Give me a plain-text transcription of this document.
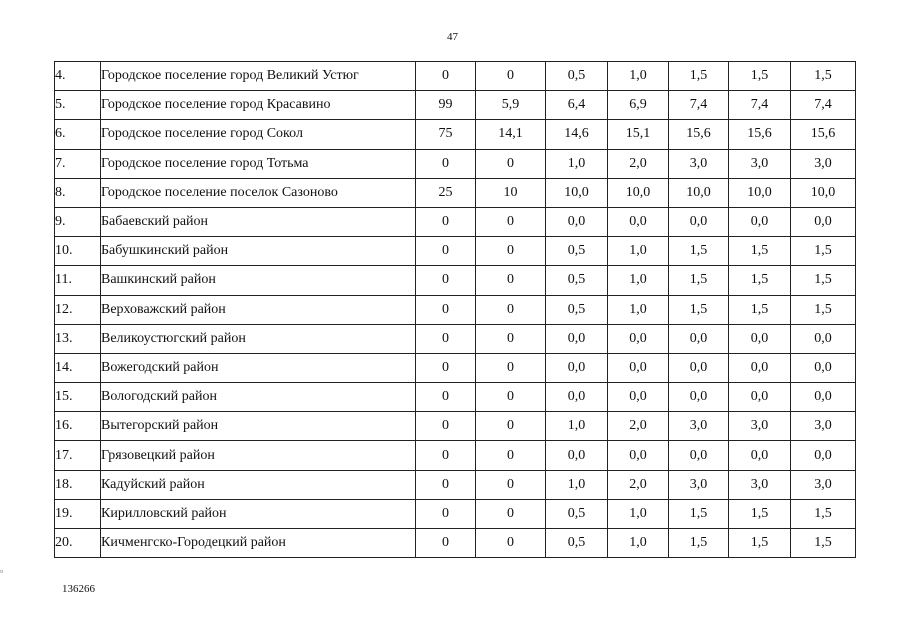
47
4.	Городское поселение город Великий Устюг	0	0	0,5	1,0	1,5	1,5	1,5
5.	Городское поселение город Красавино	99	5,9	6,4	6,9	7,4	7,4	7,4
6.	Городское поселение город Сокол	75	14,1	14,6	15,1	15,6	15,6	15,6
7.	Городское поселение город Тотьма	0	0	1,0	2,0	3,0	3,0	3,0
8.	Городское поселение поселок Сазоново	25	10	10,0	10,0	10,0	10,0	10,0
9.	Бабаевский район	0	0	0,0	0,0	0,0	0,0	0,0
10.	Бабушкинский район	0	0	0,5	1,0	1,5	1,5	1,5
11.	Вашкинский район	0	0	0,5	1,0	1,5	1,5	1,5
12.	Верховажский район	0	0	0,5	1,0	1,5	1,5	1,5
13.	Великоустюгский район	0	0	0,0	0,0	0,0	0,0	0,0
14.	Вожегодский район	0	0	0,0	0,0	0,0	0,0	0,0
15.	Вологодский район	0	0	0,0	0,0	0,0	0,0	0,0
16.	Вытегорский район	0	0	1,0	2,0	3,0	3,0	3,0
17.	Грязовецкий район	0	0	0,0	0,0	0,0	0,0	0,0
18.	Кадуйский район	0	0	1,0	2,0	3,0	3,0	3,0
19.	Кирилловский район	0	0	0,5	1,0	1,5	1,5	1,5
20.	Кичменгско-Городецкий район	0	0	0,5	1,0	1,5	1,5	1,5
136266
▫
